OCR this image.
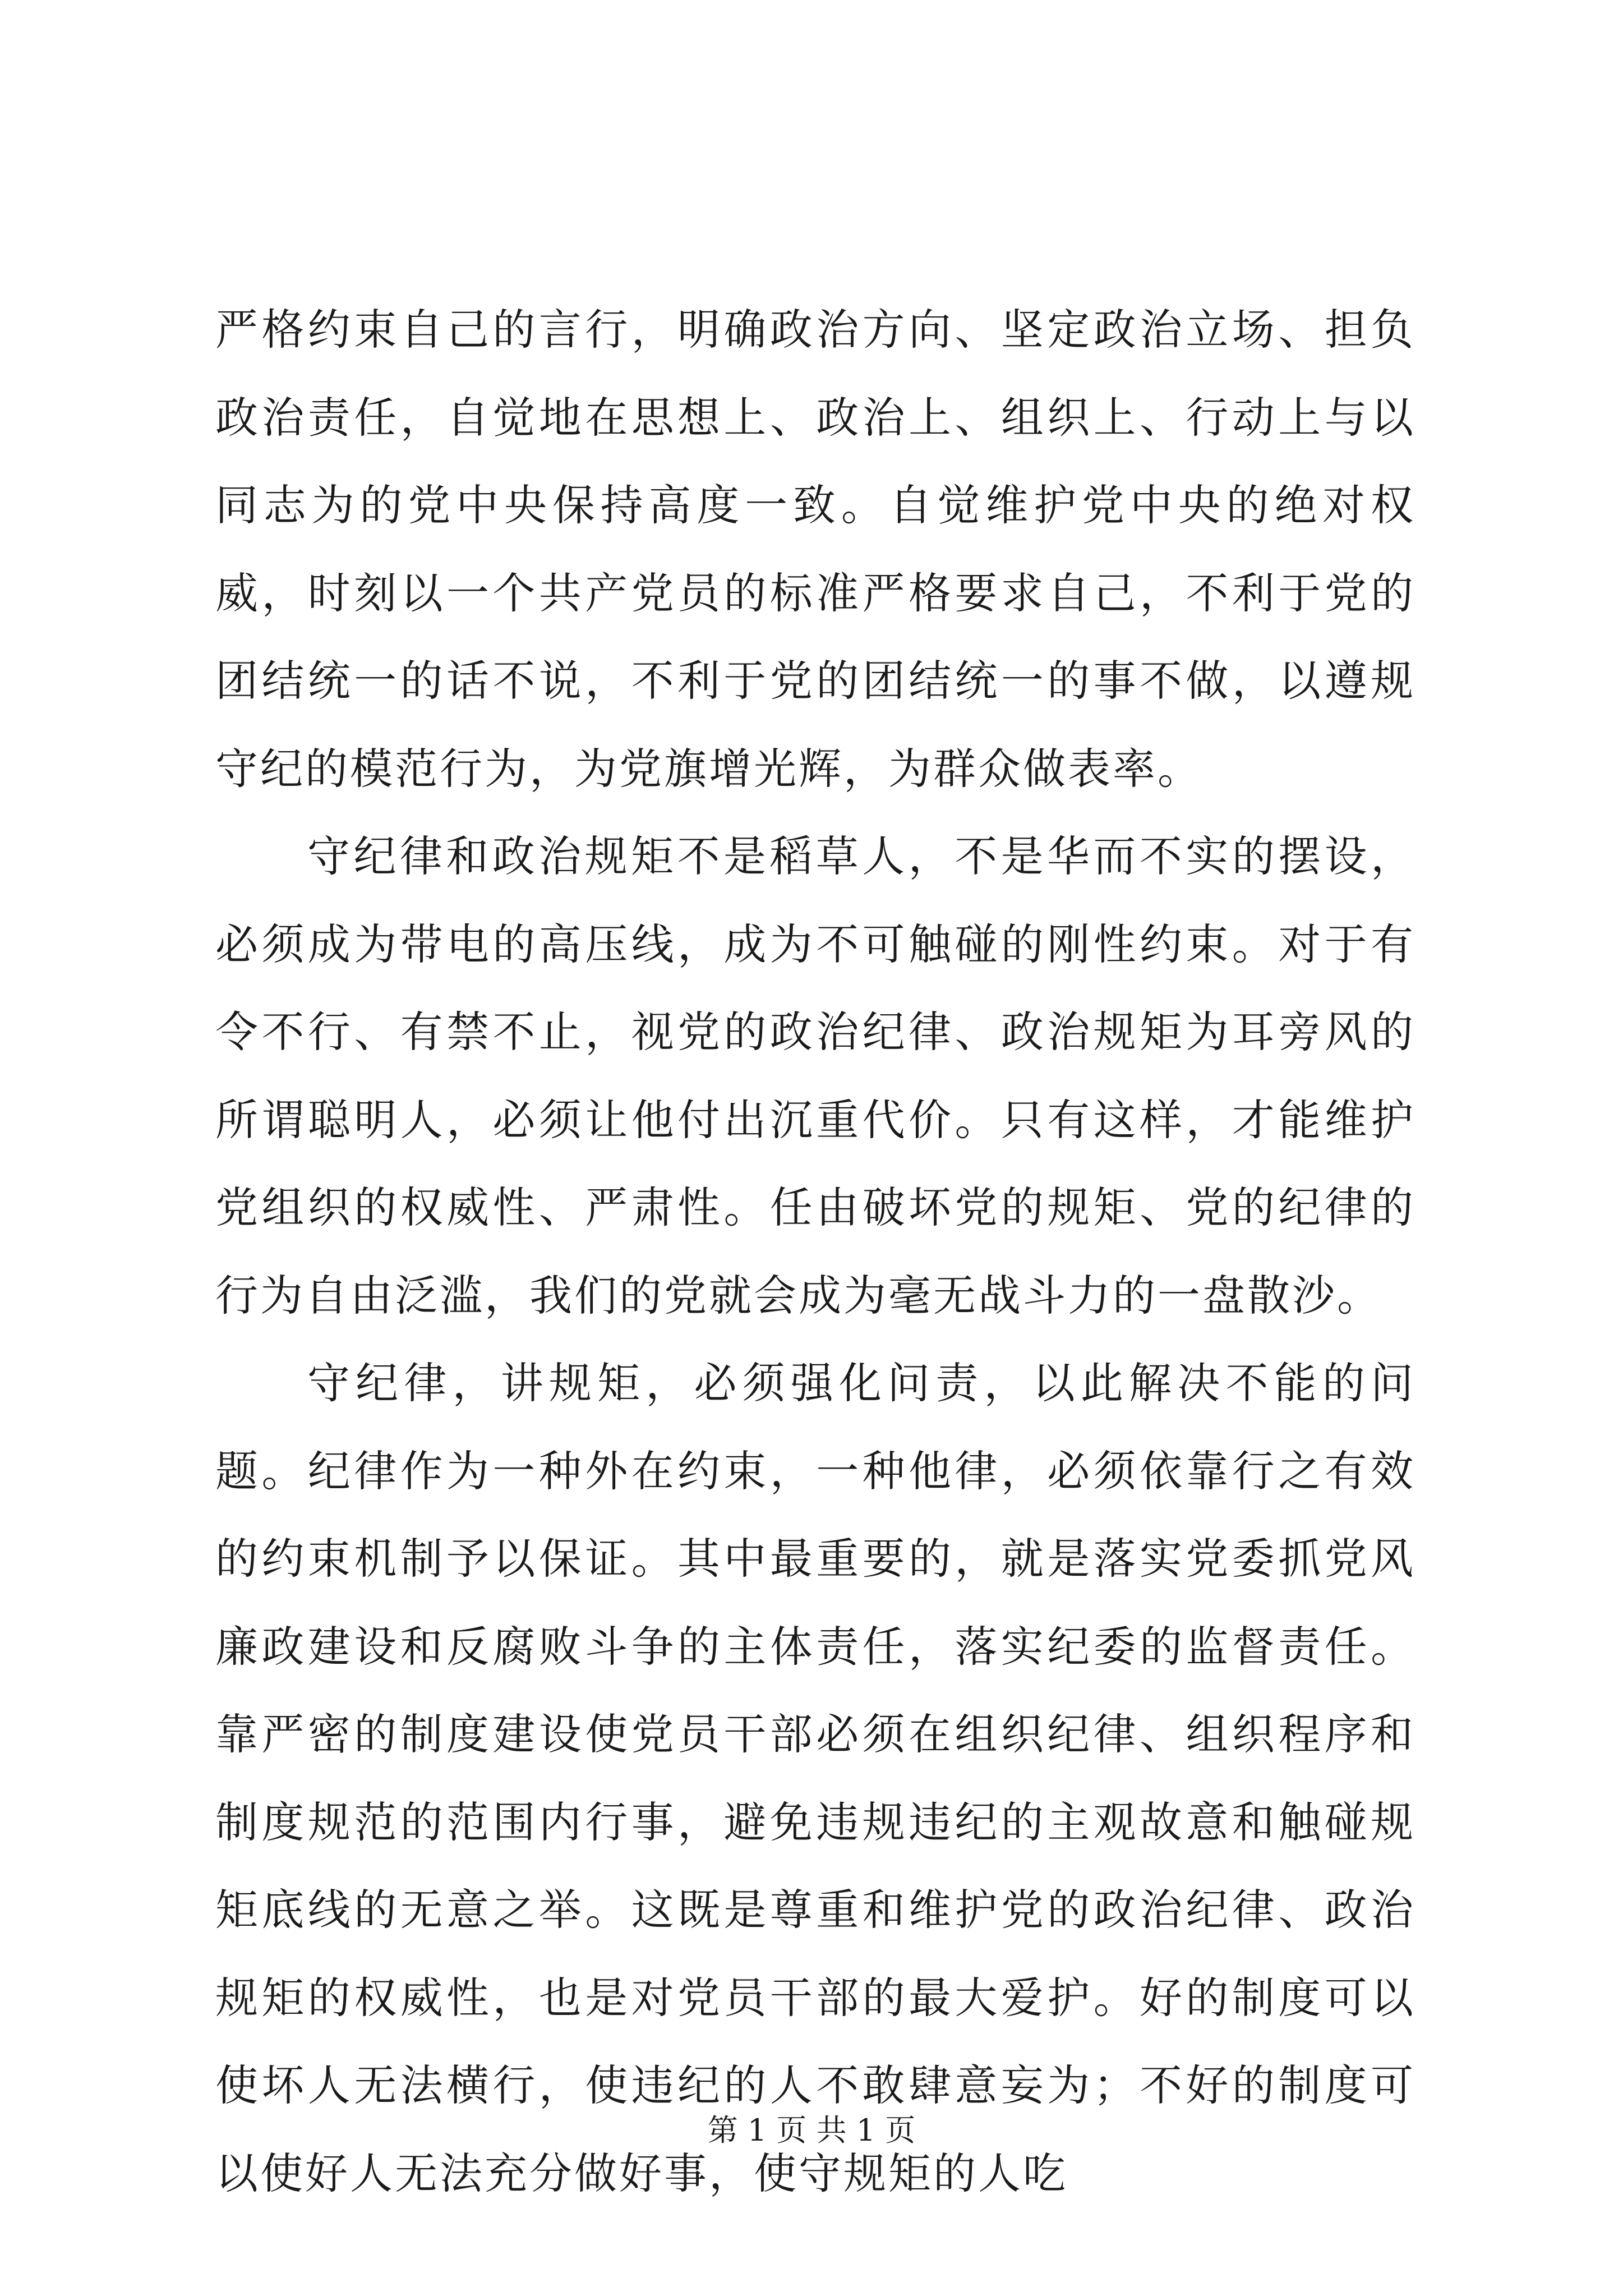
严格约束自己的言行，明确政治方向、坚定政治立场、担负政治责任，自觉地在思想上、政治上、组织上、行动上与以同志为的党中央保持高度一致。自觉维护党中央的绝对权威，时刻以一个共产党员的标准严格要求自己，不利于党的团结统一的话不说，不利于党的团结统一的事不做，以遵规守纪的模范行为，为党旗增光辉，为群众做表率。

守纪律和政治规矩不是稻草人，不是华而不实的摆设，必须成为带电的高压线，成为不可触碰的刚性约束。对于有令不行、有禁不止，视党的政治纪律、政治规矩为耳旁风的所谓聪明人，必须让他付出沉重代价。只有这样，才能维护党组织的权威性、严肃性。任由破坏党的规矩、党的纪律的行为自由泛滥，我们的党就会成为毫无战斗力的一盘散沙。

守纪律，讲规矩，必须强化问责，以此解决不能的问题。纪律作为一种外在约束，一种他律，必须依靠行之有效的约束机制予以保证。其中最重要的，就是落实党委抓党风廉政建设和反腐败斗争的主体责任，落实纪委的监督责任。靠严密的制度建设使党员干部必须在组织纪律、组织程序和制度规范的范围内行事，避免违规违纪的主观故意和触碰规矩底线的无意之举。这既是尊重和维护党的政治纪律、政治规矩的权威性，也是对党员干部的最大爱护。好的制度可以使坏人无法横行，使违纪的人不敢肆意妄为；不好的制度可以使好人无法充分做好事，使守规矩的人吃

第 1 页 共 1 页
